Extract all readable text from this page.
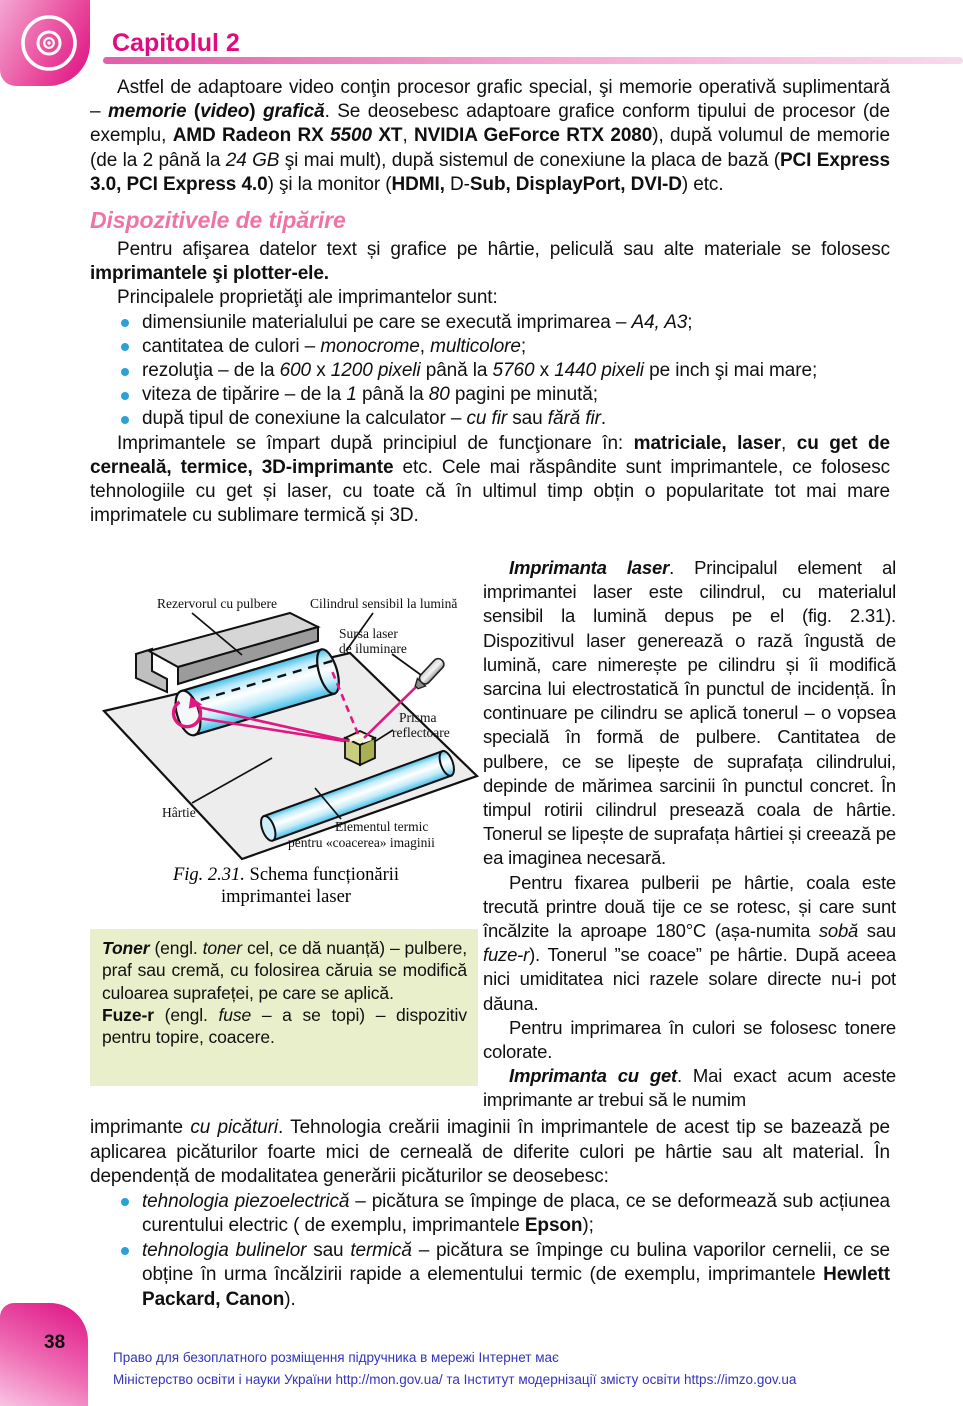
Capitolul 2

Astfel de adaptoare video conţin procesor grafic special, şi memorie operativă suplimentară – memorie (video) grafică. Se deosebesc adaptoare grafice conform tipului de procesor (de exemplu, AMD Radeon RX 5500 XT, NVIDIA GeForce RTX 2080), după volumul de memorie (de la 2 până la 24 GB şi mai mult), după sistemul de conexiune la placa de bază (PCI Express 3.0, PCI Express 4.0) şi la monitor (HDMI, D-Sub, DisplayPort, DVI-D) etc.

Dispozitivele de tipărire

Pentru afişarea datelor text și grafice pe hârtie, peliculă sau alte materiale se folosesc imprimantele şi plotter-ele.

Principalele proprietăţi ale imprimantelor sunt:

dimensiunile materialului pe care se execută imprimarea – A4, A3;
cantitatea de culori – monocrome, multicolore;
rezoluţia – de la 600 x 1200 pixeli până la 5760 x 1440 pixeli pe inch şi mai mare;
viteza de tipărire – de la 1 până la 80 pagini pe minută;
după tipul de conexiune la calculator – cu fir sau fără fir.

Imprimantele se împart după principiul de funcţionare în: matriciale, laser, cu get de cerneală, termice, 3D-imprimante etc. Cele mai răspândite sunt imprimantele, ce folosesc tehnologiile cu get și laser, cu toate că în ultimul timp obțin o popularitate tot mai mare imprimatele cu sublimare termică și 3D.

Imprimanta laser. Principalul element al imprimantei laser este cilindrul, cu materialul sensibil la lumină depus pe el (fig. 2.31). Dispozitivul laser generează o rază îngustă de lumină, care nimerește pe cilindru și îi modifică sarcina lui electrostatică în punctul de incidență. În continuare pe cilindru se aplică tonerul – o vopsea specială în formă de pulbere. Cantitatea de pulbere, ce se lipește de suprafața cilindrului, depinde de mărimea sarcinii în punctul concret. În timpul rotirii cilindrul presează coala de hârtie. Tonerul se lipește de suprafața hârtiei și creează pe ea imaginea necesară.

Pentru fixarea pulberii pe hârtie, coala este trecută printre două tije ce se rotesc, și care sunt încălzite la aproape 180°C (așa-numita sobă sau fuze-r). Tonerul ”se coace” pe hârtie. După aceea nici umiditatea nici razele solare directe nu-i pot dăuna.

Pentru imprimarea în culori se folosesc tonere colorate.

Imprimanta cu get. Mai exact acum aceste imprimante ar trebui să le numim

Rezervorul cu pulbere Cilindrul sensibil la lumină
Sursa laser
de iluminare
Prisma
reflectoare
Hârtie
Elementul termic
pentru «coacerea» imaginii
Fig. 2.31. Schema funcționării
imprimantei laser

Toner (engl. toner cel, ce dă nuanță) – pulbere, praf sau cremă, cu folosirea căruia se modifică culoarea suprafeței, pe care se aplică.

Fuze-r (engl. fuse – a se topi) – dispozitiv pentru topire, coacere.

imprimante cu picături. Tehnologia creării imaginii în imprimantele de acest tip se bazează pe aplicarea picăturilor foarte mici de cerneală de diferite culori pe hârtie sau alt material. În dependență de modalitatea generării picăturilor se deosebesc:

tehnologia piezoelectrică – picătura se împinge de placa, ce se deformează sub acțiunea curentului electric ( de exemplu, imprimantele Epson);
tehnologia bulinelor sau termică – picătura se împinge cu bulina vaporilor cernelii, ce se obține în urma încălzirii rapide a elementului termic (de exemplu, imprimantele Hewlett Packard, Canon).
38
Право для безоплатного розміщення підручника в мережі Інтернет має
Міністерство освіти і науки України http://mon.gov.ua/ та Інститут модернізації змісту освіти https://imzo.gov.ua
